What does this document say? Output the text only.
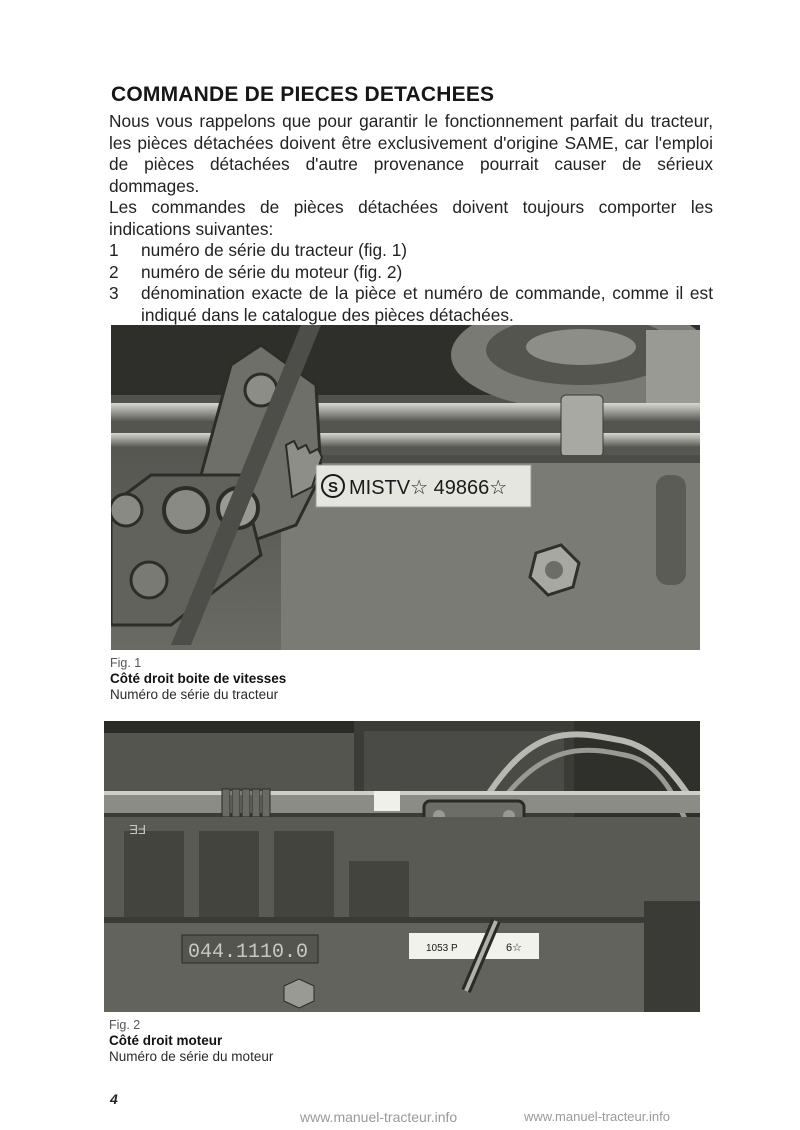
COMMANDE DE PIECES DETACHEES

Nous vous rappelons que pour garantir le fonctionnement parfait du tracteur, les pièces détachées doivent être exclusivement d'origine SAME, car l'emploi de pièces détachées d'autre provenance pourrait causer de sérieux dommages.

Les commandes de pièces détachées doivent toujours comporter les indications suivantes:

1	numéro de série du tracteur (fig. 1)
2	numéro de série du moteur (fig. 2)
3	dénomination exacte de la pièce et numéro de commande, comme il est indiqué dans le catalogue des pièces détachées.
S MISTV☆ 49866☆
Fig. 1
Côté droit boite de vitesses
Numéro de série du tracteur
FE
044.1110.0	1053 P	6☆
Fig. 2
Côté droit moteur
Numéro de série du moteur
4
www.manuel-tracteur.info	www.manuel-tracteur.info
